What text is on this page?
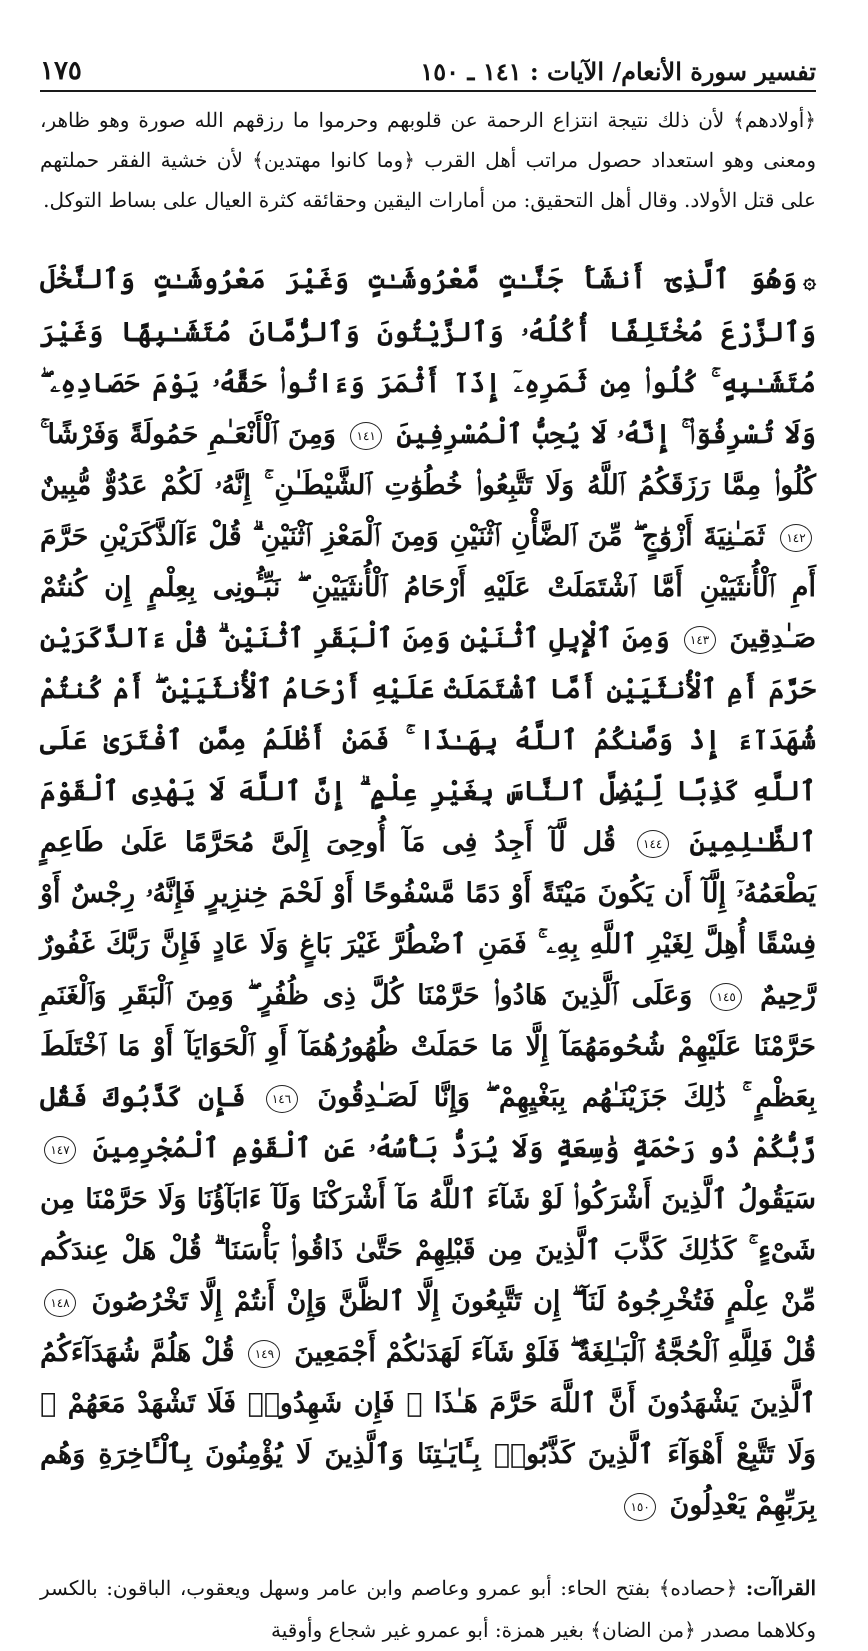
تفسير سورة الأنعام/ الآيات : ١٤١ ـ ١٥٠
١٧٥

﴿أولادهم﴾ لأن ذلك نتيجة انتزاع الرحمة عن قلوبهم وحرموا ما رزقهم الله صورة وهو ظاهر، ومعنى وهو استعداد حصول مراتب أهل القرب ﴿وما كانوا مهتدين﴾ لأن خشية الفقر حملتهم على قتل الأولاد. وقال أهل التحقيق: من أمارات اليقين وحقائقه كثرة العيال على بساط التوكل.

۞وَهُوَ ٱلَّذِىٓ أَنشَأَ جَنَّـٰتٍ مَّعْرُوشَـٰتٍ وَغَيْرَ مَعْرُوشَـٰتٍ وَٱلنَّخْلَ وَٱلزَّرْعَ مُخْتَلِفًا أُكُلُهُۥ وَٱلزَّيْتُونَ وَٱلرُّمَّانَ مُتَشَـٰبِهًا وَغَيْرَ مُتَشَـٰبِهٍ ۚ كُلُوا۟ مِن ثَمَرِهِۦٓ إِذَآ أَثْمَرَ وَءَاتُوا۟ حَقَّهُۥ يَوْمَ حَصَادِهِۦ ۖ وَلَا تُسْرِفُوٓا۟ ۚ إِنَّهُۥ لَا يُحِبُّ ٱلْمُسْرِفِينَ ١٤١ وَمِنَ ٱلْأَنْعَـٰمِ حَمُولَةً وَفَرْشًا ۚ كُلُوا۟ مِمَّا رَزَقَكُمُ ٱللَّهُ وَلَا تَتَّبِعُوا۟ خُطُوَٰتِ ٱلشَّيْطَـٰنِ ۚ إِنَّهُۥ لَكُمْ عَدُوٌّ مُّبِينٌ ١٤٢ ثَمَـٰنِيَةَ أَزْوَٰجٍ ۖ مِّنَ ٱلضَّأْنِ ٱثْنَيْنِ وَمِنَ ٱلْمَعْزِ ٱثْنَيْنِ ۗ قُلْ ءَآلذَّكَرَيْنِ حَرَّمَ أَمِ ٱلْأُنثَيَيْنِ أَمَّا ٱشْتَمَلَتْ عَلَيْهِ أَرْحَامُ ٱلْأُنثَيَيْنِ ۖ نَبِّـُٔونِى بِعِلْمٍ إِن كُنتُمْ صَـٰدِقِينَ ١٤٣ وَمِنَ ٱلْإِبِلِ ٱثْنَيْنِ وَمِنَ ٱلْبَقَرِ ٱثْنَيْنِ ۗ قُلْ ءَآلذَّكَرَيْنِ حَرَّمَ أَمِ ٱلْأُنثَيَيْنِ أَمَّا ٱشْتَمَلَتْ عَلَيْهِ أَرْحَامُ ٱلْأُنثَيَيْنِ ۖ أَمْ كُنتُمْ شُهَدَآءَ إِذْ وَصَّىٰكُمُ ٱللَّهُ بِهَـٰذَا ۚ فَمَنْ أَظْلَمُ مِمَّنِ ٱفْتَرَىٰ عَلَى ٱللَّهِ كَذِبًا لِّيُضِلَّ ٱلنَّاسَ بِغَيْرِ عِلْمٍ ۗ إِنَّ ٱللَّهَ لَا يَهْدِى ٱلْقَوْمَ ٱلظَّـٰلِمِينَ ١٤٤ قُل لَّآ أَجِدُ فِى مَآ أُوحِىَ إِلَىَّ مُحَرَّمًا عَلَىٰ طَاعِمٍ يَطْعَمُهُۥٓ إِلَّآ أَن يَكُونَ مَيْتَةً أَوْ دَمًا مَّسْفُوحًا أَوْ لَحْمَ خِنزِيرٍ فَإِنَّهُۥ رِجْسٌ أَوْ فِسْقًا أُهِلَّ لِغَيْرِ ٱللَّهِ بِهِۦ ۚ فَمَنِ ٱضْطُرَّ غَيْرَ بَاغٍ وَلَا عَادٍ فَإِنَّ رَبَّكَ غَفُورٌ رَّحِيمٌ ١٤٥ وَعَلَى ٱلَّذِينَ هَادُوا۟ حَرَّمْنَا كُلَّ ذِى ظُفُرٍ ۖ وَمِنَ ٱلْبَقَرِ وَٱلْغَنَمِ حَرَّمْنَا عَلَيْهِمْ شُحُومَهُمَآ إِلَّا مَا حَمَلَتْ ظُهُورُهُمَآ أَوِ ٱلْحَوَايَآ أَوْ مَا ٱخْتَلَطَ بِعَظْمٍ ۚ ذَٰلِكَ جَزَيْنَـٰهُم بِبَغْيِهِمْ ۖ وَإِنَّا لَصَـٰدِقُونَ ١٤٦ فَإِن كَذَّبُوكَ فَقُل رَّبُّكُمْ ذُو رَحْمَةٍ وَٰسِعَةٍ وَلَا يُرَدُّ بَأْسُهُۥ عَنِ ٱلْقَوْمِ ٱلْمُجْرِمِينَ ١٤٧ سَيَقُولُ ٱلَّذِينَ أَشْرَكُوا۟ لَوْ شَآءَ ٱللَّهُ مَآ أَشْرَكْنَا وَلَآ ءَابَآؤُنَا وَلَا حَرَّمْنَا مِن شَىْءٍ ۚ كَذَٰلِكَ كَذَّبَ ٱلَّذِينَ مِن قَبْلِهِمْ حَتَّىٰ ذَاقُوا۟ بَأْسَنَا ۗ قُلْ هَلْ عِندَكُم مِّنْ عِلْمٍ فَتُخْرِجُوهُ لَنَآ ۖ إِن تَتَّبِعُونَ إِلَّا ٱلظَّنَّ وَإِنْ أَنتُمْ إِلَّا تَخْرُصُونَ ١٤٨ قُلْ فَلِلَّهِ ٱلْحُجَّةُ ٱلْبَـٰلِغَةُ ۖ فَلَوْ شَآءَ لَهَدَىٰكُمْ أَجْمَعِينَ ١٤٩ قُلْ هَلُمَّ شُهَدَآءَكُمُ ٱلَّذِينَ يَشْهَدُونَ أَنَّ ٱللَّهَ حَرَّمَ هَـٰذَا ۖ فَإِن شَهِدُوا۟ فَلَا تَشْهَدْ مَعَهُمْ ۚ وَلَا تَتَّبِعْ أَهْوَآءَ ٱلَّذِينَ كَذَّبُوا۟ بِـَٔايَـٰتِنَا وَٱلَّذِينَ لَا يُؤْمِنُونَ بِٱلْـَٔاخِرَةِ وَهُم بِرَبِّهِمْ يَعْدِلُونَ ١٥٠

القراآت: ﴿حصاده﴾ بفتح الحاء: أبو عمرو وعاصم وابن عامر وسهل ويعقوب، الباقون: بالكسر وكلاهما مصدر ﴿من الضان﴾ بغير همزة: أبو عمرو غير شجاع وأوقية
